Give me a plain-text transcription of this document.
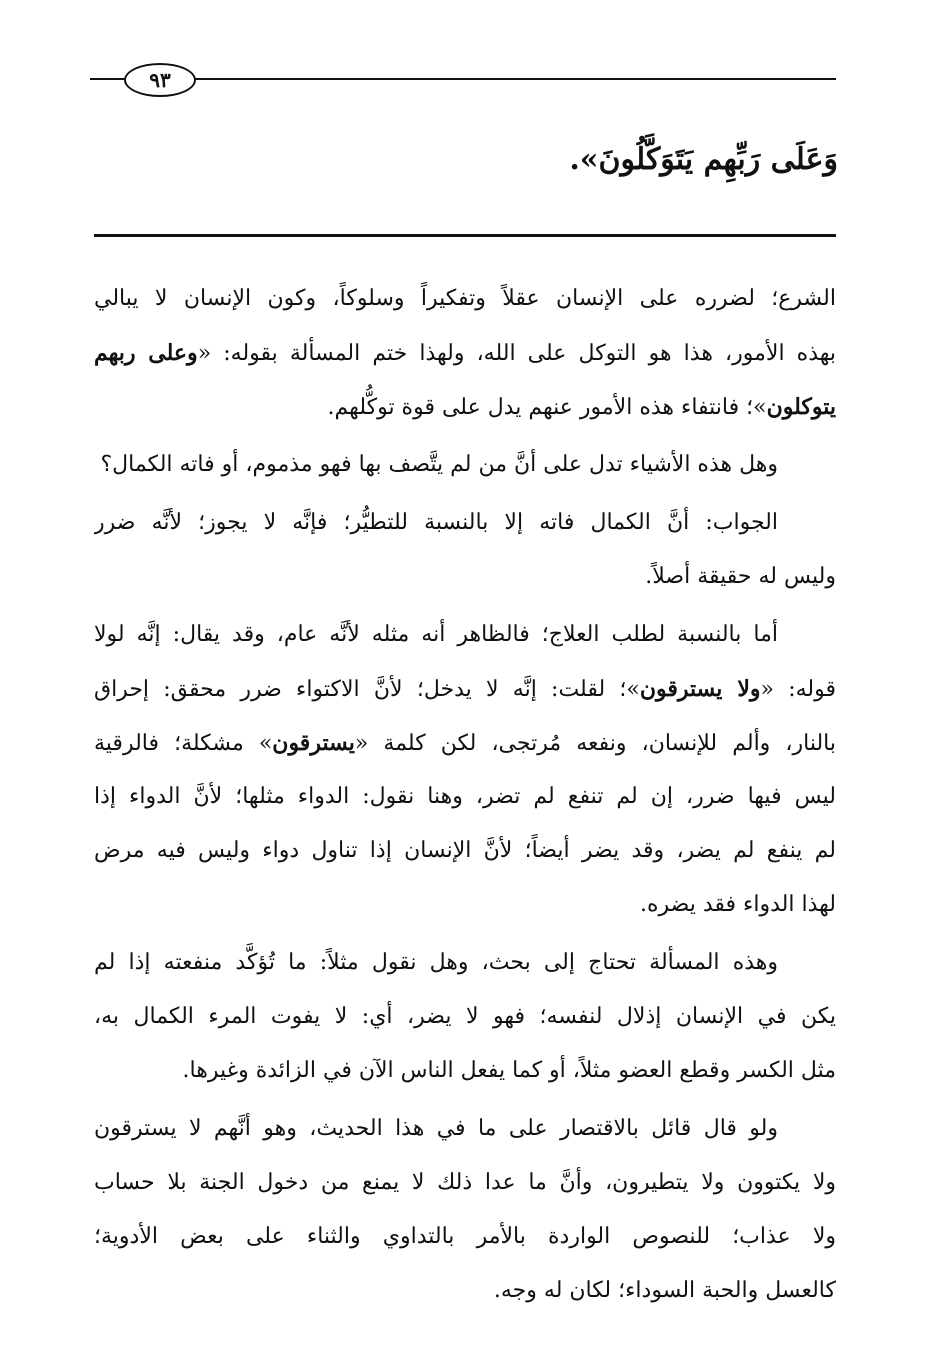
٩٣
وَعَلَى رَبِّهِم يَتَوَكَّلُونَ».
الشرع؛ لضرره على الإنسان عقلاً وتفكيراً وسلوكاً، وكون الإنسان لا يبالي
بهذه الأمور، هذا هو التوكل على الله، ولهذا ختم المسألة بقوله: «وعلى ربهم
يتوكلون»؛ فانتفاء هذه الأمور عنهم يدل على قوة توكُّلهم.
وهل هذه الأشياء تدل على أنَّ من لم يتَّصف بها فهو مذموم، أو فاته الكمال؟
الجواب: أنَّ الكمال فاته إلا بالنسبة للتطيُّر؛ فإنَّه لا يجوز؛ لأنَّه ضرر
وليس له حقيقة أصلاً.
أما بالنسبة لطلب العلاج؛ فالظاهر أنه مثله لأنَّه عام، وقد يقال: إنَّه لولا
قوله: «ولا يسترقون»؛ لقلت: إنَّه لا يدخل؛ لأنَّ الاكتواء ضرر محقق: إحراق
بالنار، وألم للإنسان، ونفعه مُرتجى، لكن كلمة «يسترقون» مشكلة؛ فالرقية
ليس فيها ضرر، إن لم تنفع لم تضر، وهنا نقول: الدواء مثلها؛ لأنَّ الدواء إذا
لم ينفع لم يضر، وقد يضر أيضاً؛ لأنَّ الإنسان إذا تناول دواء وليس فيه مرض
لهذا الدواء فقد يضره.
وهذه المسألة تحتاج إلى بحث، وهل نقول مثلاً: ما تُؤكَّد منفعته إذا لم
يكن في الإنسان إذلال لنفسه؛ فهو لا يضر، أي: لا يفوت المرء الكمال به،
مثل الكسر وقطع العضو مثلاً، أو كما يفعل الناس الآن في الزائدة وغيرها.
ولو قال قائل بالاقتصار على ما في هذا الحديث، وهو أنَّهم لا يسترقون
ولا يكتوون ولا يتطيرون، وأنَّ ما عدا ذلك لا يمنع من دخول الجنة بلا حساب
ولا عذاب؛ للنصوص الواردة بالأمر بالتداوي والثناء على بعض الأدوية؛
كالعسل والحبة السوداء؛ لكان له وجه.
